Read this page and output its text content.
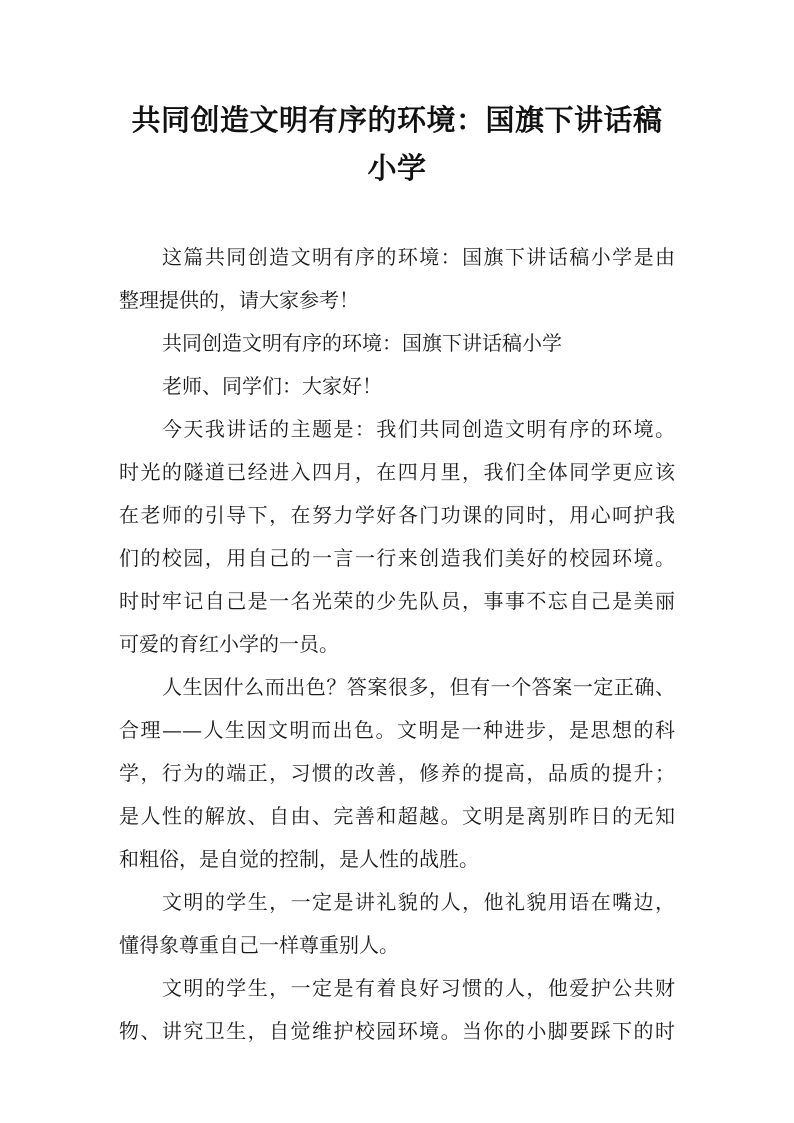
共同创造文明有序的环境：国旗下讲话稿
小学
这篇共同创造文明有序的环境：国旗下讲话稿小学是由
整理提供的，请大家参考！
共同创造文明有序的环境：国旗下讲话稿小学
老师、同学们：大家好！
今天我讲话的主题是：我们共同创造文明有序的环境。
时光的隧道已经进入四月，在四月里，我们全体同学更应该
在老师的引导下，在努力学好各门功课的同时，用心呵护我
们的校园，用自己的一言一行来创造我们美好的校园环境。
时时牢记自己是一名光荣的少先队员，事事不忘自己是美丽
可爱的育红小学的一员。
人生因什么而出色？答案很多，但有一个答案一定正确、
合理——人生因文明而出色。文明是一种进步，是思想的科
学，行为的端正，习惯的改善，修养的提高，品质的提升；
是人性的解放、自由、完善和超越。文明是离别昨日的无知
和粗俗，是自觉的控制，是人性的战胜。
文明的学生，一定是讲礼貌的人，他礼貌用语在嘴边，
懂得象尊重自己一样尊重别人。
文明的学生，一定是有着良好习惯的人，他爱护公共财
物、讲究卫生，自觉维护校园环境。当你的小脚要踩下的时
